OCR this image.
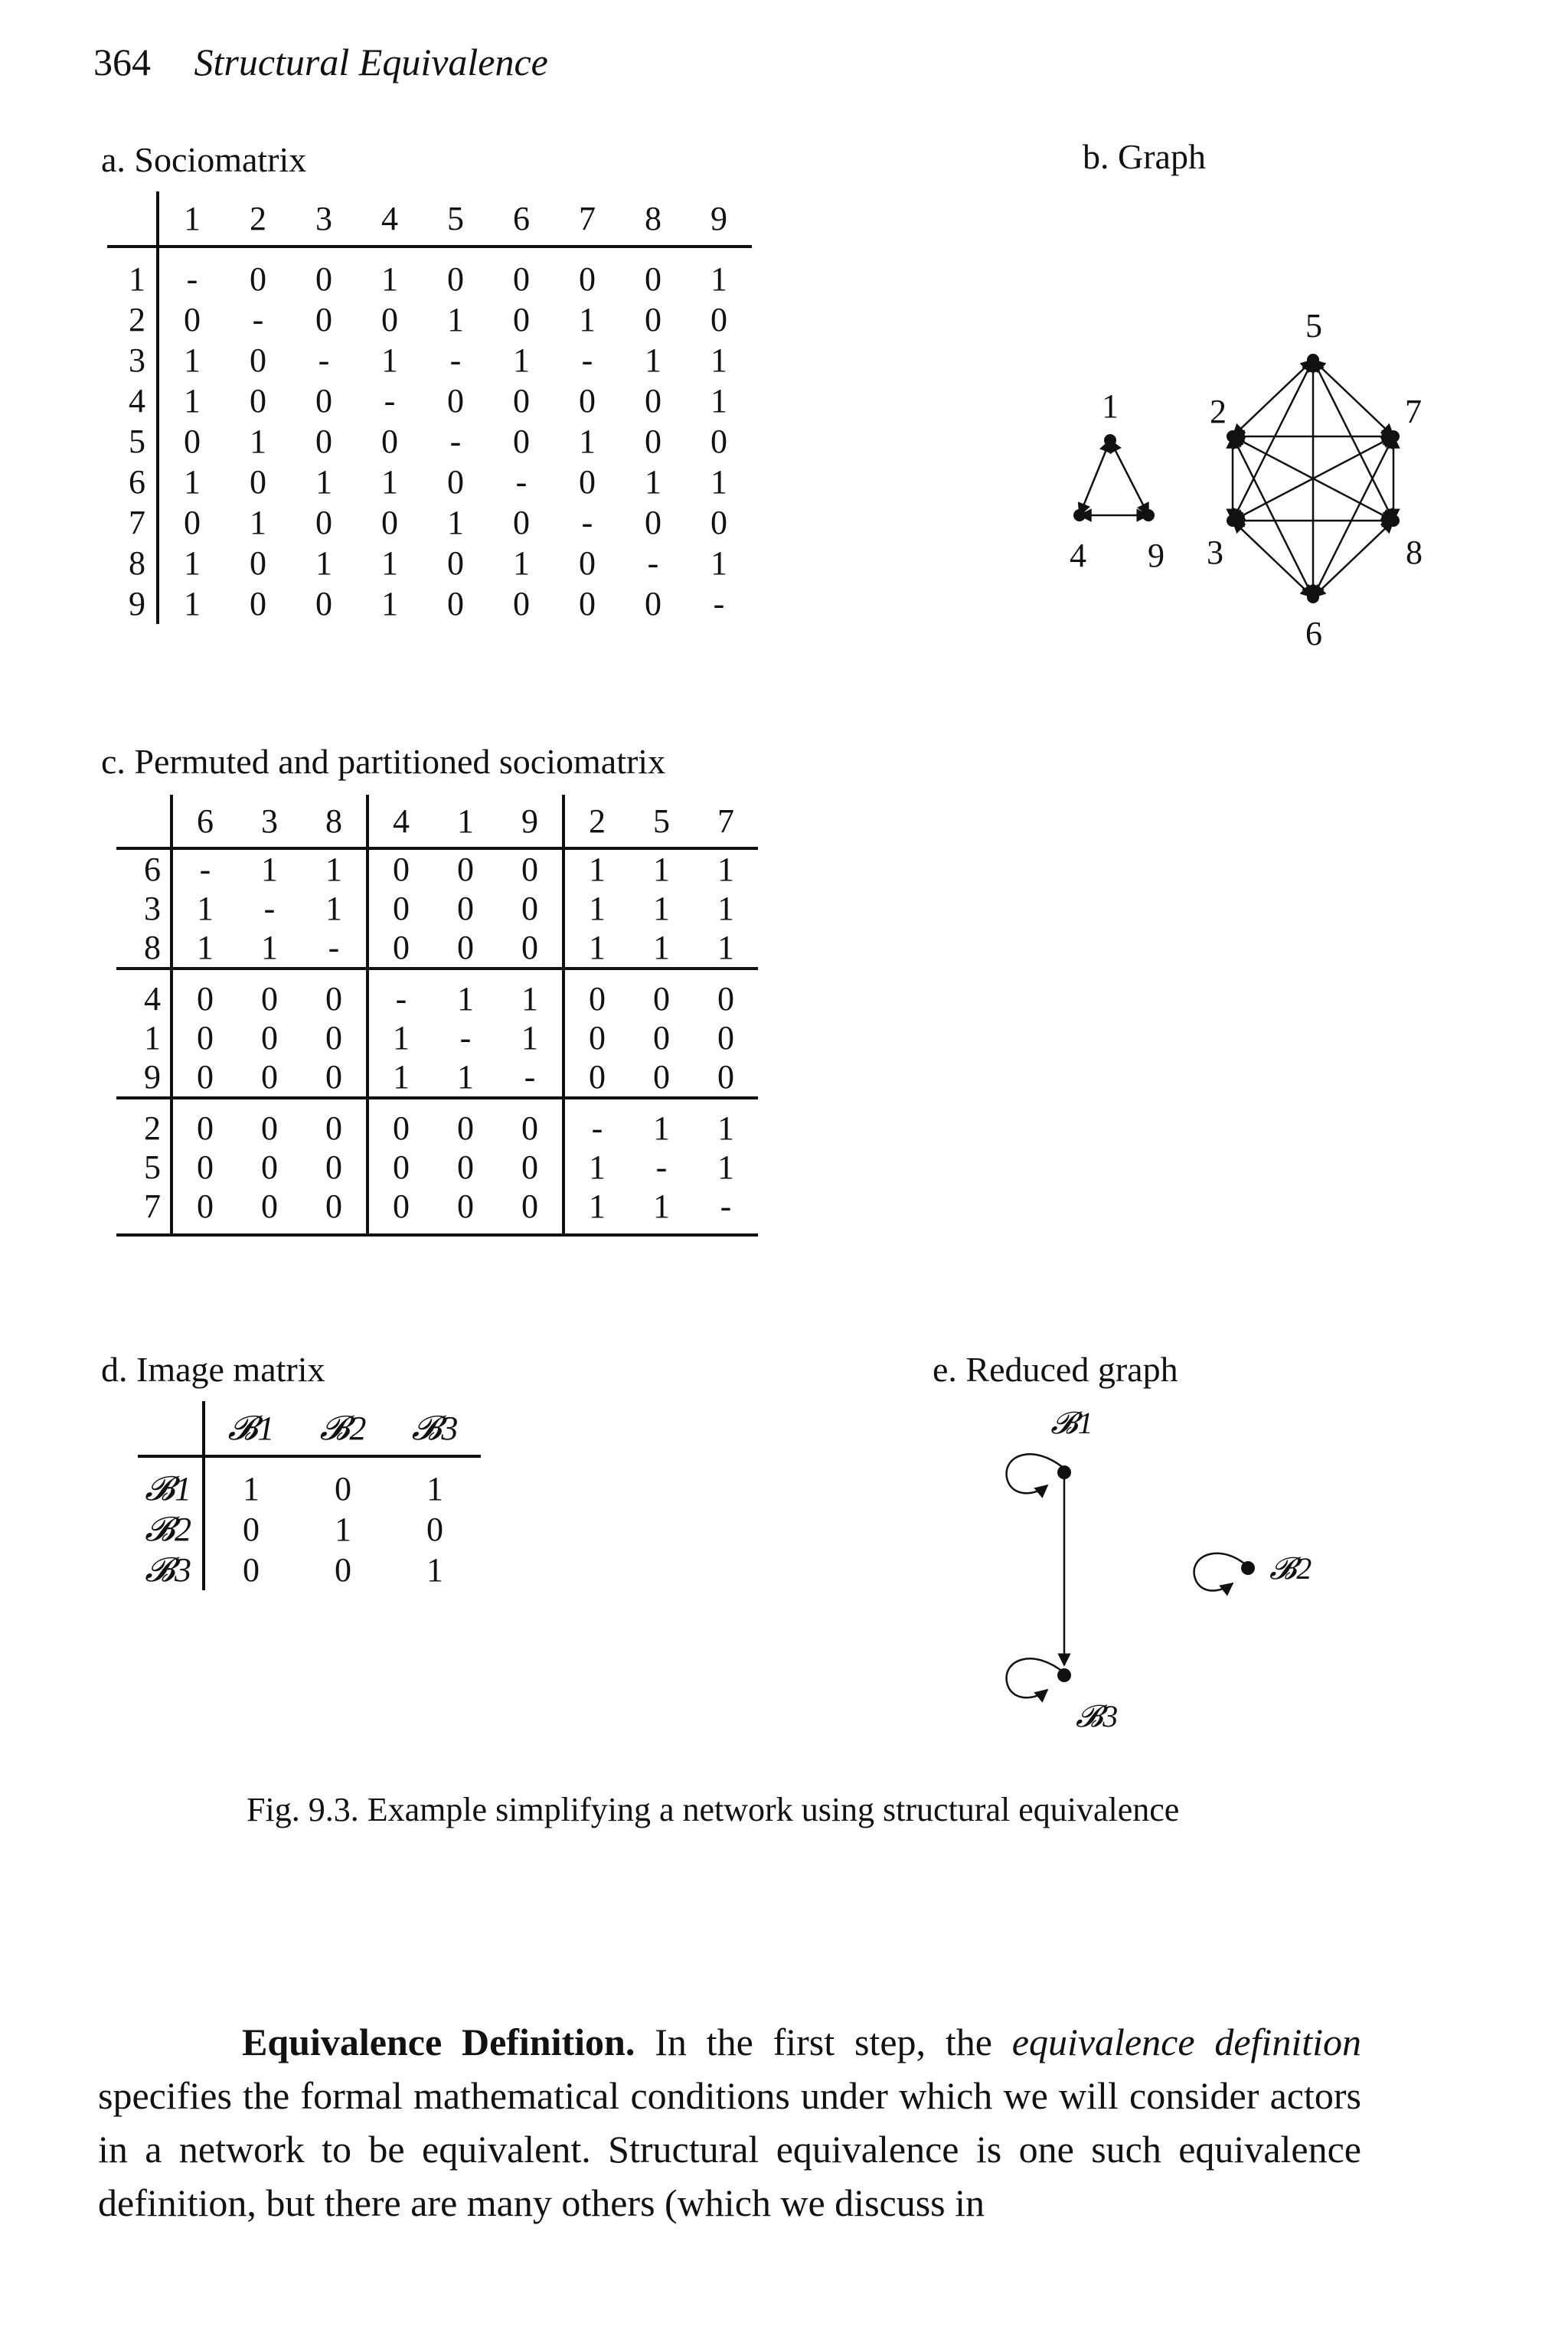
364 Structural Equivalence
a. Sociomatrix
	1	2	3	4	5	6	7	8	9
1	-	0	0	1	0	0	0	0	1
2	0	-	0	0	1	0	1	0	0
3	1	0	-	1	-	1	-	1	1
4	1	0	0	-	0	0	0	0	1
5	0	1	0	0	-	0	1	0	0
6	1	0	1	1	0	-	0	1	1
7	0	1	0	0	1	0	-	0	0
8	1	0	1	1	0	1	0	-	1
9	1	0	0	1	0	0	0	0	-
b. Graph
1
4 9
5
2	7
3	8
6
c. Permuted and partitioned sociomatrix
	6	3	8	4	1	9	2	5	7
6	-	1	1	0	0	0	1	1	1
3	1	-	1	0	0	0	1	1	1
8	1	1	-	0	0	0	1	1	1
4	0	0	0	-	1	1	0	0	0
1	0	0	0	1	-	1	0	0	0
9	0	0	0	1	1	-	0	0	0
2	0	0	0	0	0	0	-	1	1
5	0	0	0	0	0	0	1	-	1
7	0	0	0	0	0	0	1	1	-
d. Image matrix
	𝓑1	𝓑2	𝓑3
𝓑1	1	0	1
𝓑2	0	1	0
𝓑3	0	0	1
e. Reduced graph
𝓑1
𝓑2
𝓑3
Fig. 9.3. Example simplifying a network using structural equivalence
Equivalence Definition. In the first step, the equivalence definition specifies the formal mathematical conditions under which we will consider actors in a network to be equivalent. Structural equivalence is one such equivalence definition, but there are many others (which we discuss in
